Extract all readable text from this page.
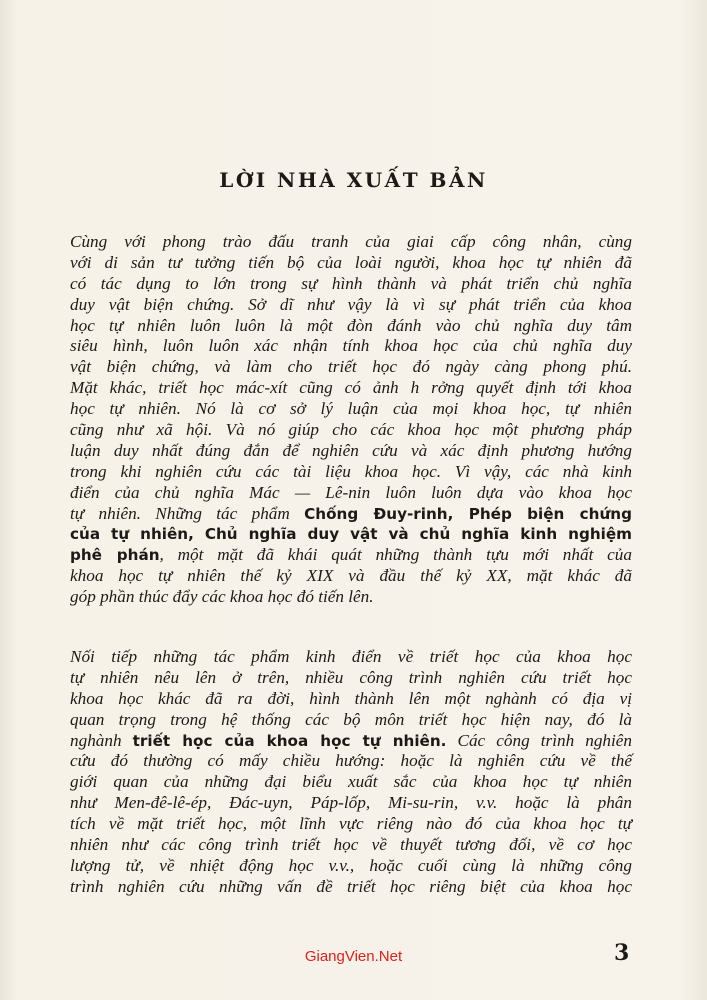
LỜI NHÀ XUẤT BẢN
Cùng với phong trào đấu tranh của giai cấp công nhân, cùng
với di sản tư tưởng tiến bộ của loài người, khoa học tự nhiên đã
có tác dụng to lớn trong sự hình thành và phát triển chủ nghĩa
duy vật biện chứng. Sở dĩ như vậy là vì sự phát triển của khoa
học tự nhiên luôn luôn là một đòn đánh vào chủ nghĩa duy tâm
siêu hình, luôn luôn xác nhận tính khoa học của chủ nghĩa duy
vật biện chứng, và làm cho triết học đó ngày càng phong phú.
Mặt khác, triết học mác-xít cũng có ảnh h rởng quyết định tới khoa
học tự nhiên. Nó là cơ sở lý luận của mọi khoa học, tự nhiên
cũng như xã hội. Và nó giúp cho các khoa học một phương pháp
luận duy nhất đúng đắn để nghiên cứu và xác định phương hướng
trong khi nghiên cứu các tài liệu khoa học. Vì vậy, các nhà kinh
điển của chủ nghĩa Mác — Lê-nin luôn luôn dựa vào khoa học
tự nhiên. Những tác phẩm Chống Đuy-rinh, Phép biện chứng
của tự nhiên, Chủ nghĩa duy vật và chủ nghĩa kinh nghiệm
phê phán, một mặt đã khái quát những thành tựu mới nhất của
khoa học tự nhiên thế kỷ XIX và đầu thế kỷ XX, mặt khác đã
góp phần thúc đẩy các khoa học đó tiến lên.
Nối tiếp những tác phẩm kinh điển về triết học của khoa học
tự nhiên nêu lên ở trên, nhiều công trình nghiên cứu triết học
khoa học khác đã ra đời, hình thành lên một nghành có địa vị
quan trọng trong hệ thống các bộ môn triết học hiện nay, đó là
nghành triết học của khoa học tự nhiên. Các công trình nghiên
cứu đó thường có mấy chiều hướng: hoặc là nghiên cứu về thế
giới quan của những đại biểu xuất sắc của khoa học tự nhiên
như Men-đê-lê-ép, Đác-uyn, Páp-lốp, Mi-su-rin, v.v. hoặc là phân
tích về mặt triết học, một lĩnh vực riêng nào đó của khoa học tự
nhiên như các công trình triết học về thuyết tương đối, về cơ học
lượng tử, về nhiệt động học v.v., hoặc cuối cùng là những công
trình nghiên cứu những vấn đề triết học riêng biệt của khoa học
GiangVien.Net	3
